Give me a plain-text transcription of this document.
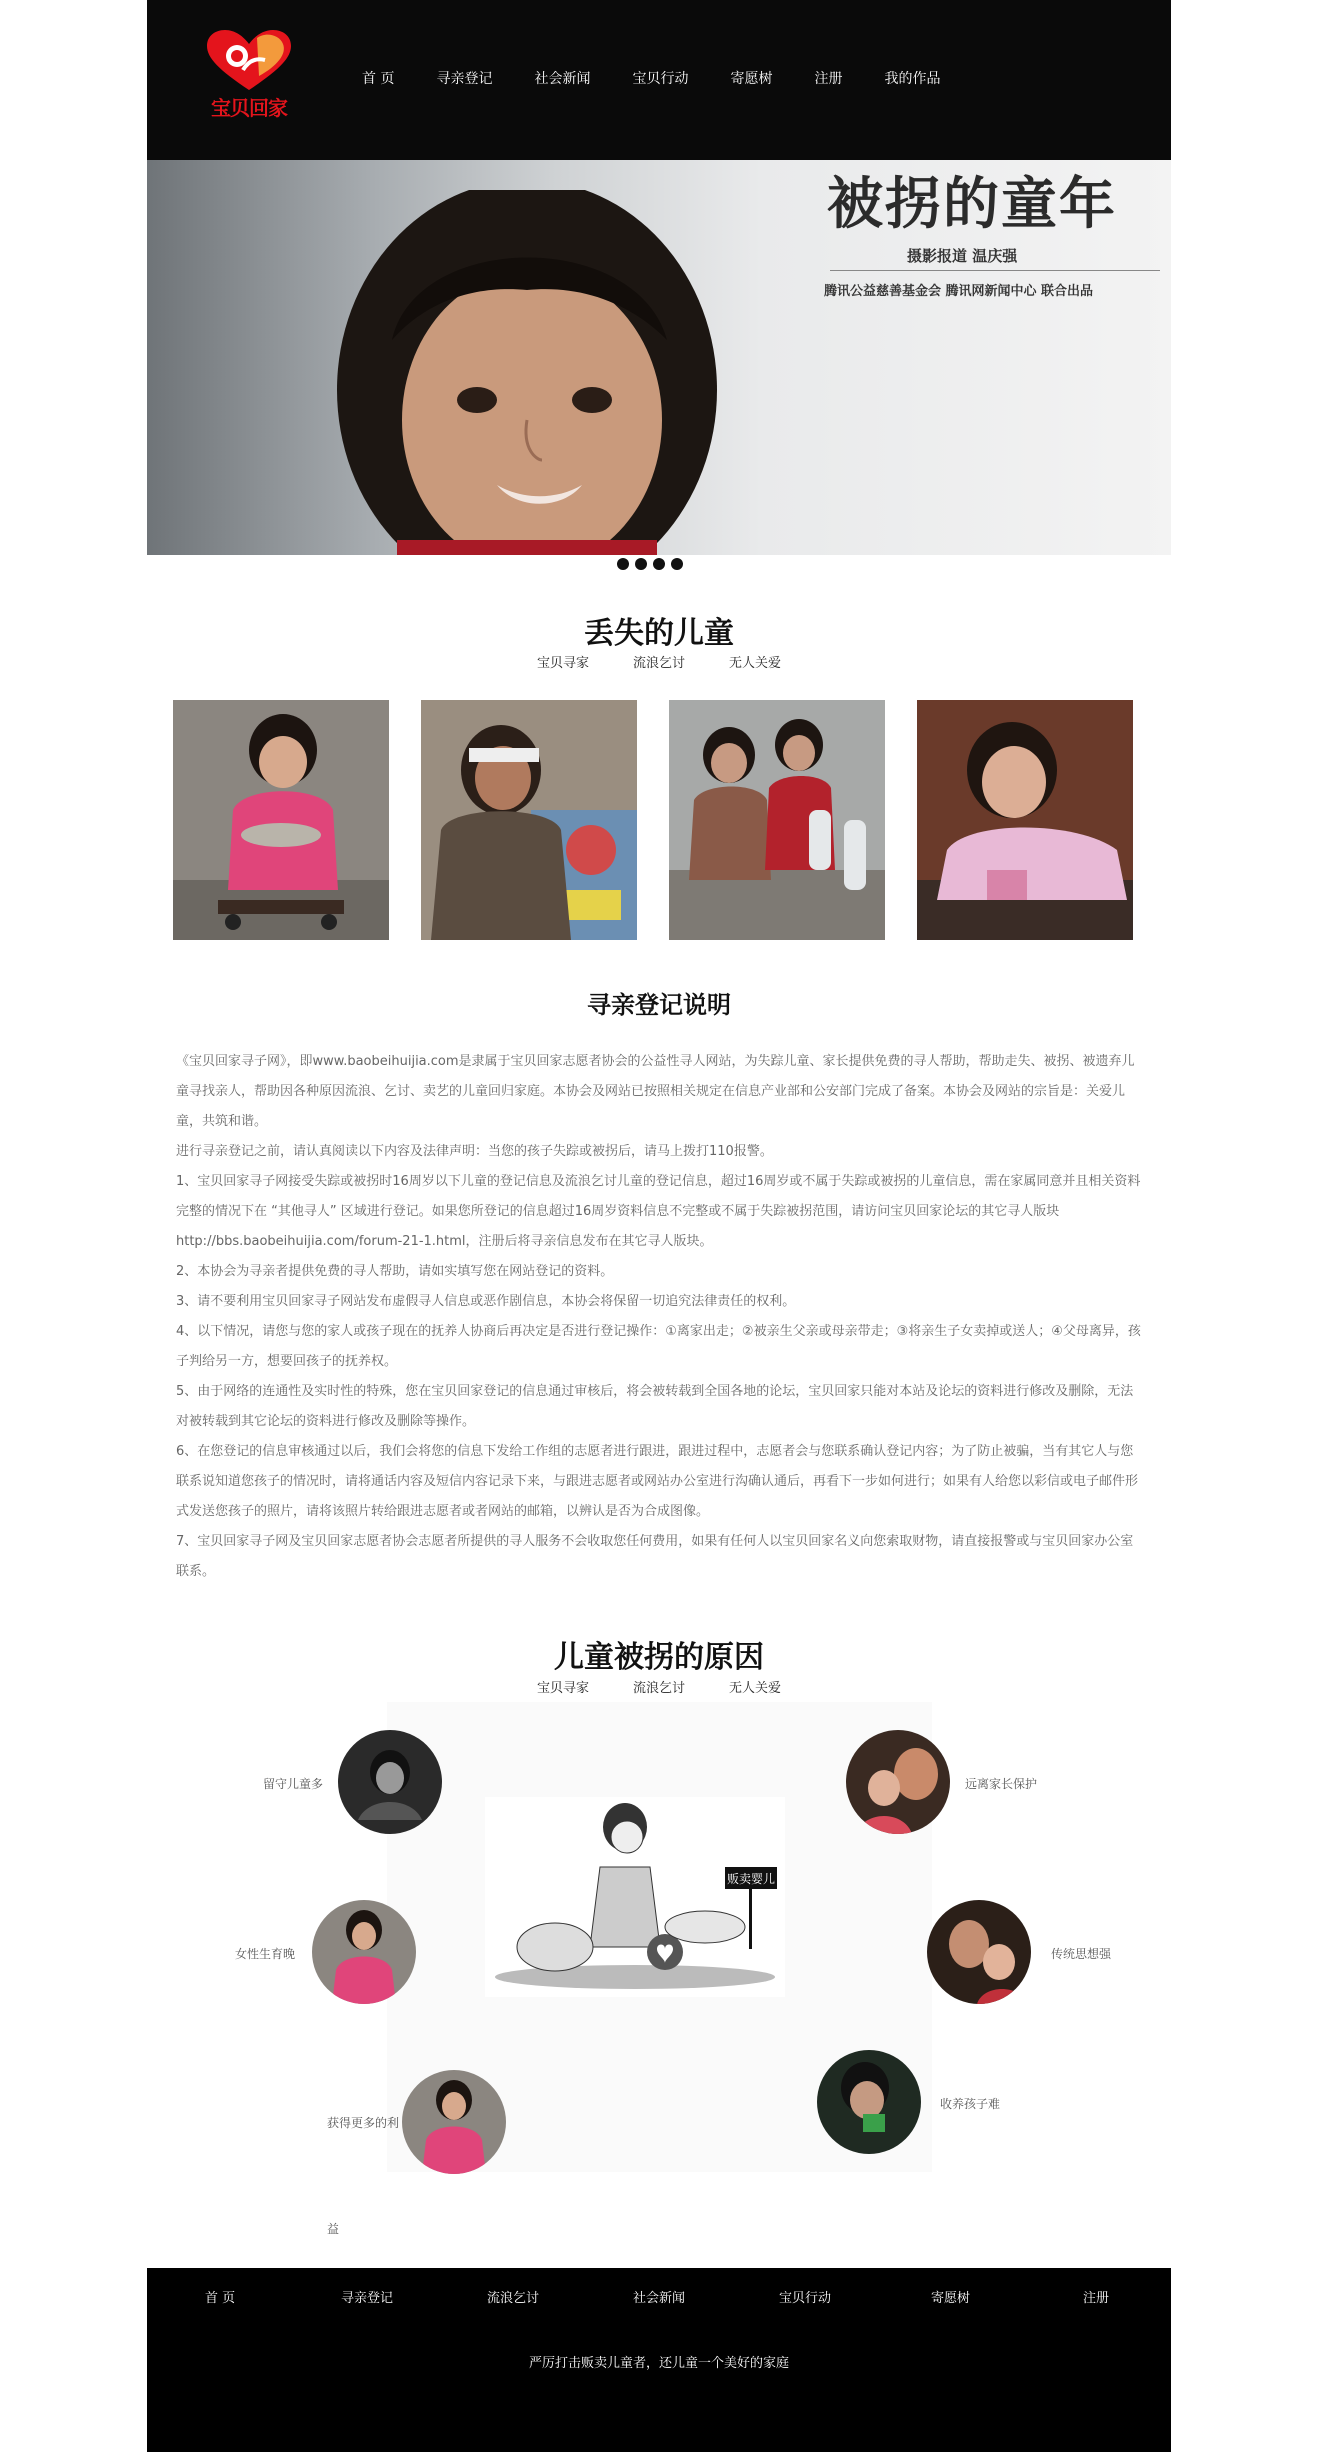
宝贝回家
首 页	寻亲登记	社会新闻	宝贝行动	寄愿树	注册	我的作品
被拐的童年
摄影报道 温庆强
腾讯公益慈善基金会 腾讯网新闻中心 联合出品
丢失的儿童
宝贝寻家	流浪乞讨	无人关爱
寻亲登记说明

《宝贝回家寻子网》，即www.baobeihuijia.com是隶属于宝贝回家志愿者协会的公益性寻人网站，为失踪儿童、家长提供免费的寻人帮助，帮助走失、被拐、被遗弃儿童寻找亲人，帮助因各种原因流浪、乞讨、卖艺的儿童回归家庭。本协会及网站已按照相关规定在信息产业部和公安部门完成了备案。本协会及网站的宗旨是：关爱儿童，共筑和谐。

进行寻亲登记之前，请认真阅读以下内容及法律声明：当您的孩子失踪或被拐后，请马上拨打110报警。

1、宝贝回家寻子网接受失踪或被拐时16周岁以下儿童的登记信息及流浪乞讨儿童的登记信息，超过16周岁或不属于失踪或被拐的儿童信息，需在家属同意并且相关资料完整的情况下在 “其他寻人” 区域进行登记。如果您所登记的信息超过16周岁资料信息不完整或不属于失踪被拐范围，请访问宝贝回家论坛的其它寻人版块http://bbs.baobeihuijia.com/forum-21-1.html，注册后将寻亲信息发布在其它寻人版块。

2、本协会为寻亲者提供免费的寻人帮助，请如实填写您在网站登记的资料。

3、请不要利用宝贝回家寻子网站发布虚假寻人信息或恶作剧信息，本协会将保留一切追究法律责任的权利。

4、以下情况，请您与您的家人或孩子现在的抚养人协商后再决定是否进行登记操作：①离家出走；②被亲生父亲或母亲带走；③将亲生子女卖掉或送人；④父母离异，孩子判给另一方，想要回孩子的抚养权。

5、由于网络的连通性及实时性的特殊，您在宝贝回家登记的信息通过审核后，将会被转载到全国各地的论坛，宝贝回家只能对本站及论坛的资料进行修改及删除，无法对被转载到其它论坛的资料进行修改及删除等操作。

6、在您登记的信息审核通过以后，我们会将您的信息下发给工作组的志愿者进行跟进，跟进过程中，志愿者会与您联系确认登记内容；为了防止被骗，当有其它人与您联系说知道您孩子的情况时，请将通话内容及短信内容记录下来，与跟进志愿者或网站办公室进行沟确认通后，再看下一步如何进行；如果有人给您以彩信或电子邮件形式发送您孩子的照片，请将该照片转给跟进志愿者或者网站的邮箱，以辨认是否为合成图像。

7、宝贝回家寻子网及宝贝回家志愿者协会志愿者所提供的寻人服务不会收取您任何费用，如果有任何人以宝贝回家名义向您索取财物，请直接报警或与宝贝回家办公室联系。

儿童被拐的原因
宝贝寻家	流浪乞讨	无人关爱
贩卖婴儿
留守儿童多
女性生育晚
获得更多的利
益
远离家长保护
传统思想强
收养孩子难
首 页	寻亲登记	流浪乞讨	社会新闻	宝贝行动	寄愿树	注册
严厉打击贩卖儿童者，还儿童一个美好的家庭
